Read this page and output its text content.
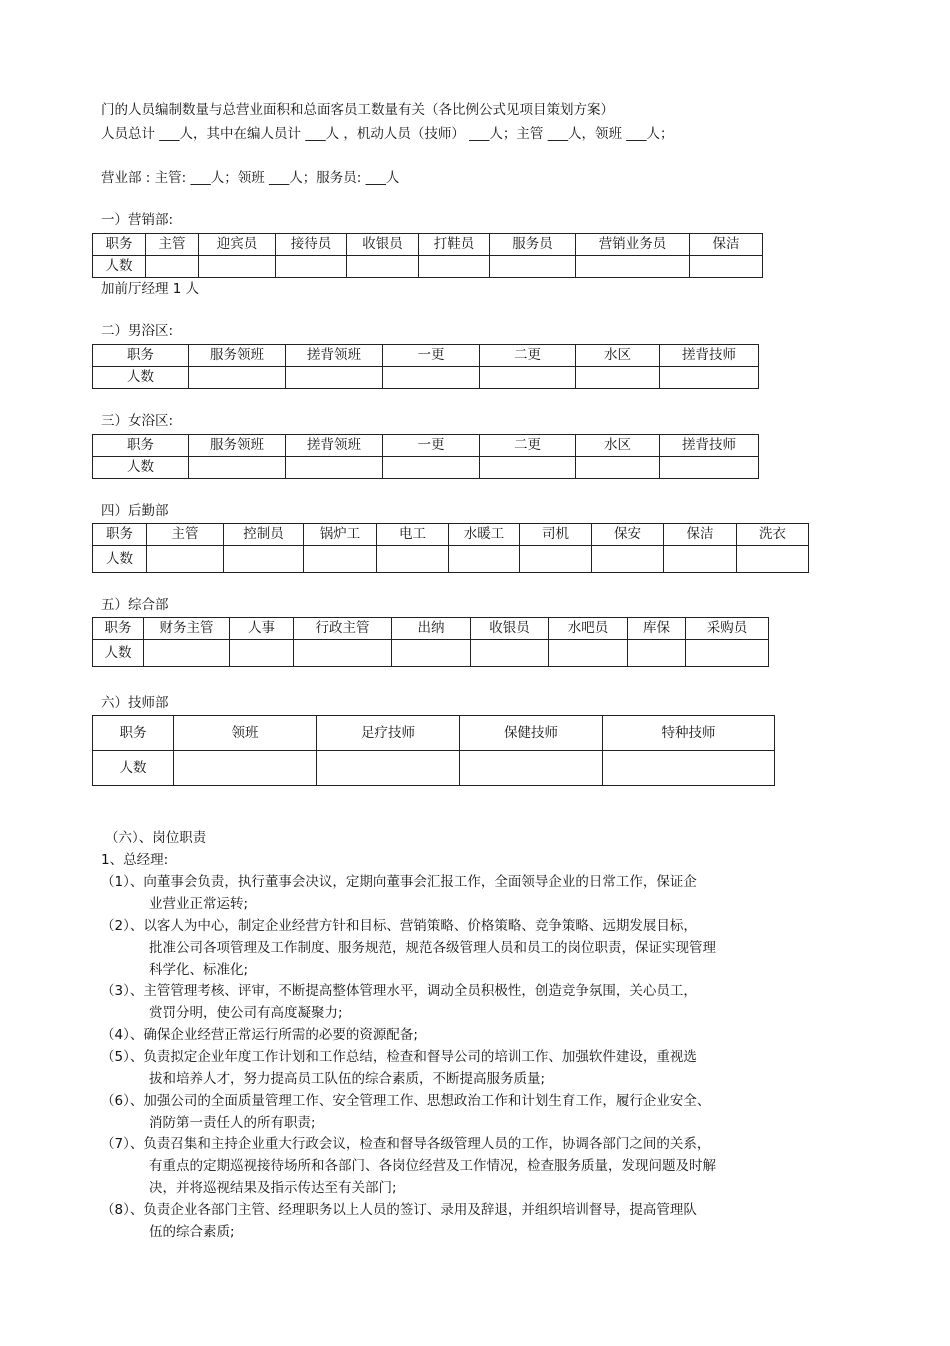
门的人员编制数量与总营业面积和总面客员工数量有关（各比例公式见项目策划方案）
人员总计 ___人，其中在编人员计 ___人 ，机动人员（技师） ___人；主管 ___人，领班 ___人；
营业部 : 主管: ___人；领班 ___人；服务员: ___人
一）营销部:
职务	主管	迎宾员	接待员	收银员	打鞋员	服务员	营销业务员	保洁
人数								
加前厅经理 1 人
二）男浴区:
职务	服务领班	搓背领班	一更	二更	水区	搓背技师
人数						
三）女浴区:
职务	服务领班	搓背领班	一更	二更	水区	搓背技师
人数						
四）后勤部
职务	主管	控制员	锅炉工	电工	水暖工	司机	保安	保洁	洗衣
人数									
五）综合部
职务	财务主管	人事	行政主管	出纳	收银员	水吧员	库保	采购员
人数								
六）技师部
职务	领班	足疗技师	保健技师	特种技师
人数				
（六）、岗位职责
1、总经理:
（1）、向董事会负责，执行董事会决议，定期向董事会汇报工作，全面领导企业的日常工作，保证企
业营业正常运转;
（2）、以客人为中心，制定企业经营方针和目标、营销策略、价格策略、竞争策略、远期发展目标，
批准公司各项管理及工作制度、服务规范，规范各级管理人员和员工的岗位职责，保证实现管理
科学化、标准化;
（3）、主管管理考核、评审，不断提高整体管理水平，调动全员积极性，创造竞争氛围，关心员工，
赏罚分明，使公司有高度凝聚力;
（4）、确保企业经营正常运行所需的必要的资源配备;
（5）、负责拟定企业年度工作计划和工作总结，检查和督导公司的培训工作、加强软件建设，重视选
拔和培养人才，努力提高员工队伍的综合素质，不断提高服务质量;
（6）、加强公司的全面质量管理工作、安全管理工作、思想政治工作和计划生育工作，履行企业安全、
消防第一责任人的所有职责;
（7）、负责召集和主持企业重大行政会议，检查和督导各级管理人员的工作，协调各部门之间的关系，
有重点的定期巡视接待场所和各部门、各岗位经营及工作情况，检查服务质量，发现问题及时解
决，并将巡视结果及指示传达至有关部门;
（8）、负责企业各部门主管、经理职务以上人员的签订、录用及辞退，并组织培训督导，提高管理队
伍的综合素质;
